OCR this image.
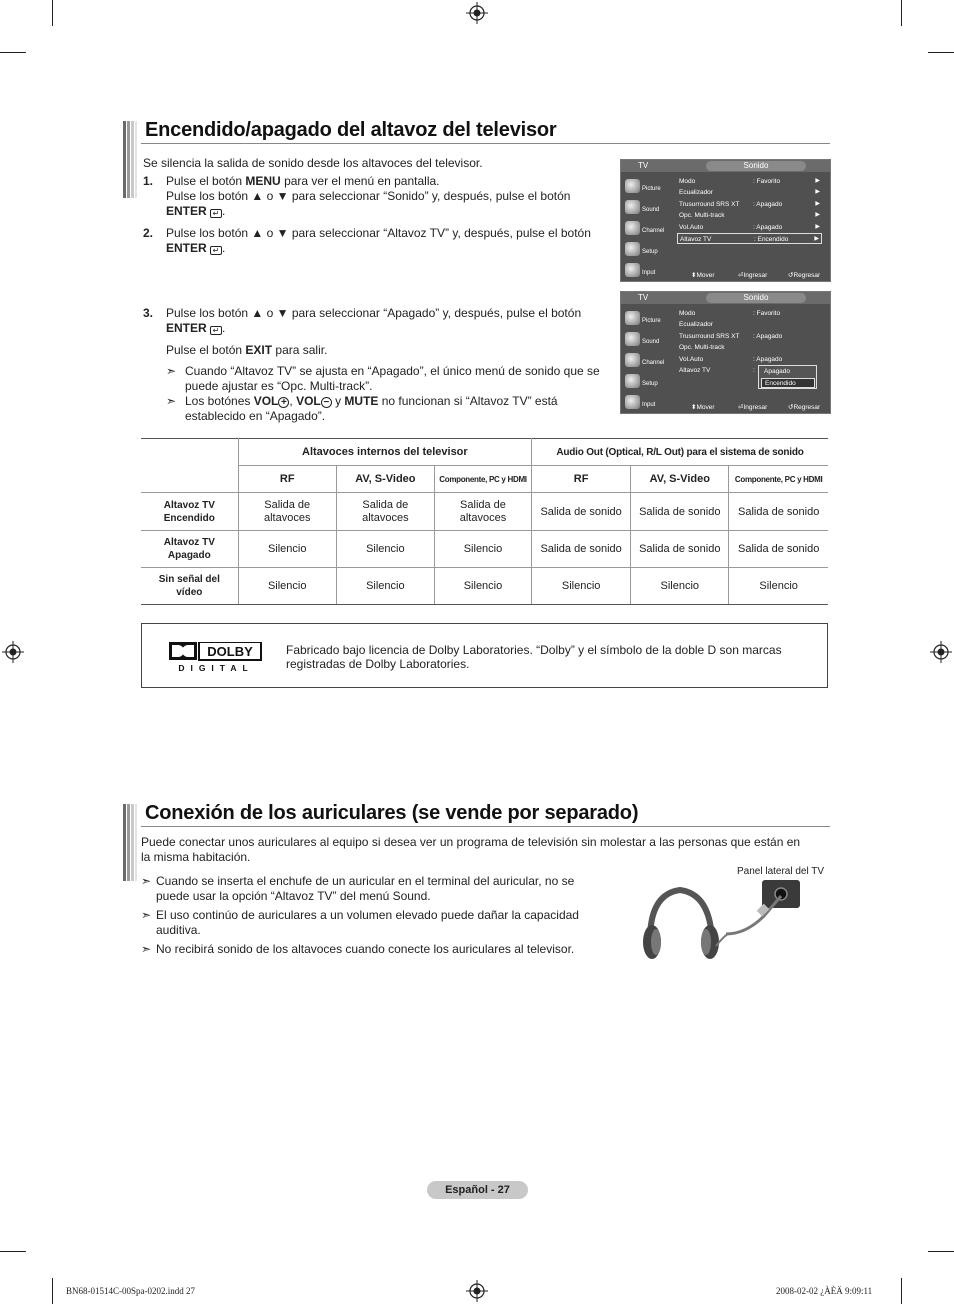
Encendido/apagado del altavoz del televisor
Se silencia la salida de sonido desde los altavoces del televisor.
1. Pulse el botón MENU para ver el menú en pantalla.
Pulse los botón ▲ o ▼ para seleccionar “Sonido” y, después, pulse el botón
ENTER ↵ .
2. Pulse los botón ▲ o ▼ para seleccionar “Altavoz TV” y, después, pulse el botón
ENTER ↵ .
3. Pulse los botón ▲ o ▼ para seleccionar “Apagado” y, después, pulse el botón
ENTER ↵ .
Pulse el botón EXIT para salir.
➣ Cuando “Altavoz TV” se ajusta en “Apagado”, el único menú de sonido que se puede ajustar es “Opc. Multi-track”.
➣ Los botónes VOL + , VOL − y MUTE no funcionan si “Altavoz TV” está establecido en “Apagado”.
TV	Sonido
Picture
Sound
Channel
Setup
Input
Modo	: Favorito	▶
Ecualizador	▶
Trusurround SRS XT : Apagado	▶
Opc. Multi-track	▶
Vol.Auto	: Apagado	▶
Altavoz TV	: Encendido	▶
⬍ Mover	⏎ Ingresar	↺ Regresar
TV	Sonido
Picture
Sound
Channel
Setup
Input
Modo	: Favorito
Ecualizador
Trusurround SRS XT : Apagado
Opc. Multi-track
Vol.Auto	: Apagado
Altavoz TV	:	Apagado
Encendido
⬍ Mover	⏎ Ingresar	↺ Regresar
	Altavoces internos del televisor			Audio Out (Optical, R/L Out) para el sistema de sonido		
	RF	AV, S-Video	Componente, PC y HDMI	RF	AV, S-Video	Componente, PC y HDMI
Altavoz TV Encendido	Salida de altavoces	Salida de altavoces	Salida de altavoces	Salida de sonido	Salida de sonido	Salida de sonido
Altavoz TV Apagado	Silencio	Silencio	Silencio	Salida de sonido	Salida de sonido	Salida de sonido
Sin señal del vídeo	Silencio	Silencio	Silencio	Silencio	Silencio	Silencio
DOLBY
DIGITAL
Fabricado bajo licencia de Dolby Laboratories. “Dolby” y el símbolo de la doble D son marcas registradas de Dolby Laboratories.
Conexión de los auriculares (se vende por separado)
Puede conectar unos auriculares al equipo si desea ver un programa de televisión sin molestar a las personas que están en la misma habitación.
➣ Cuando se inserta el enchufe de un auricular en el terminal del auricular, no se puede usar la opción “Altavoz TV” del menú Sound.
➣ El uso continúo de auriculares a un volumen elevado puede dañar la capacidad auditiva.
➣ No recibirá sonido de los altavoces cuando conecte los auriculares al televisor.
Panel lateral del TV
Español - 27
BN68-01514C-00Spa-0202.indd 27	2008-02-02 ¿ÀÈÄ 9:09:11
